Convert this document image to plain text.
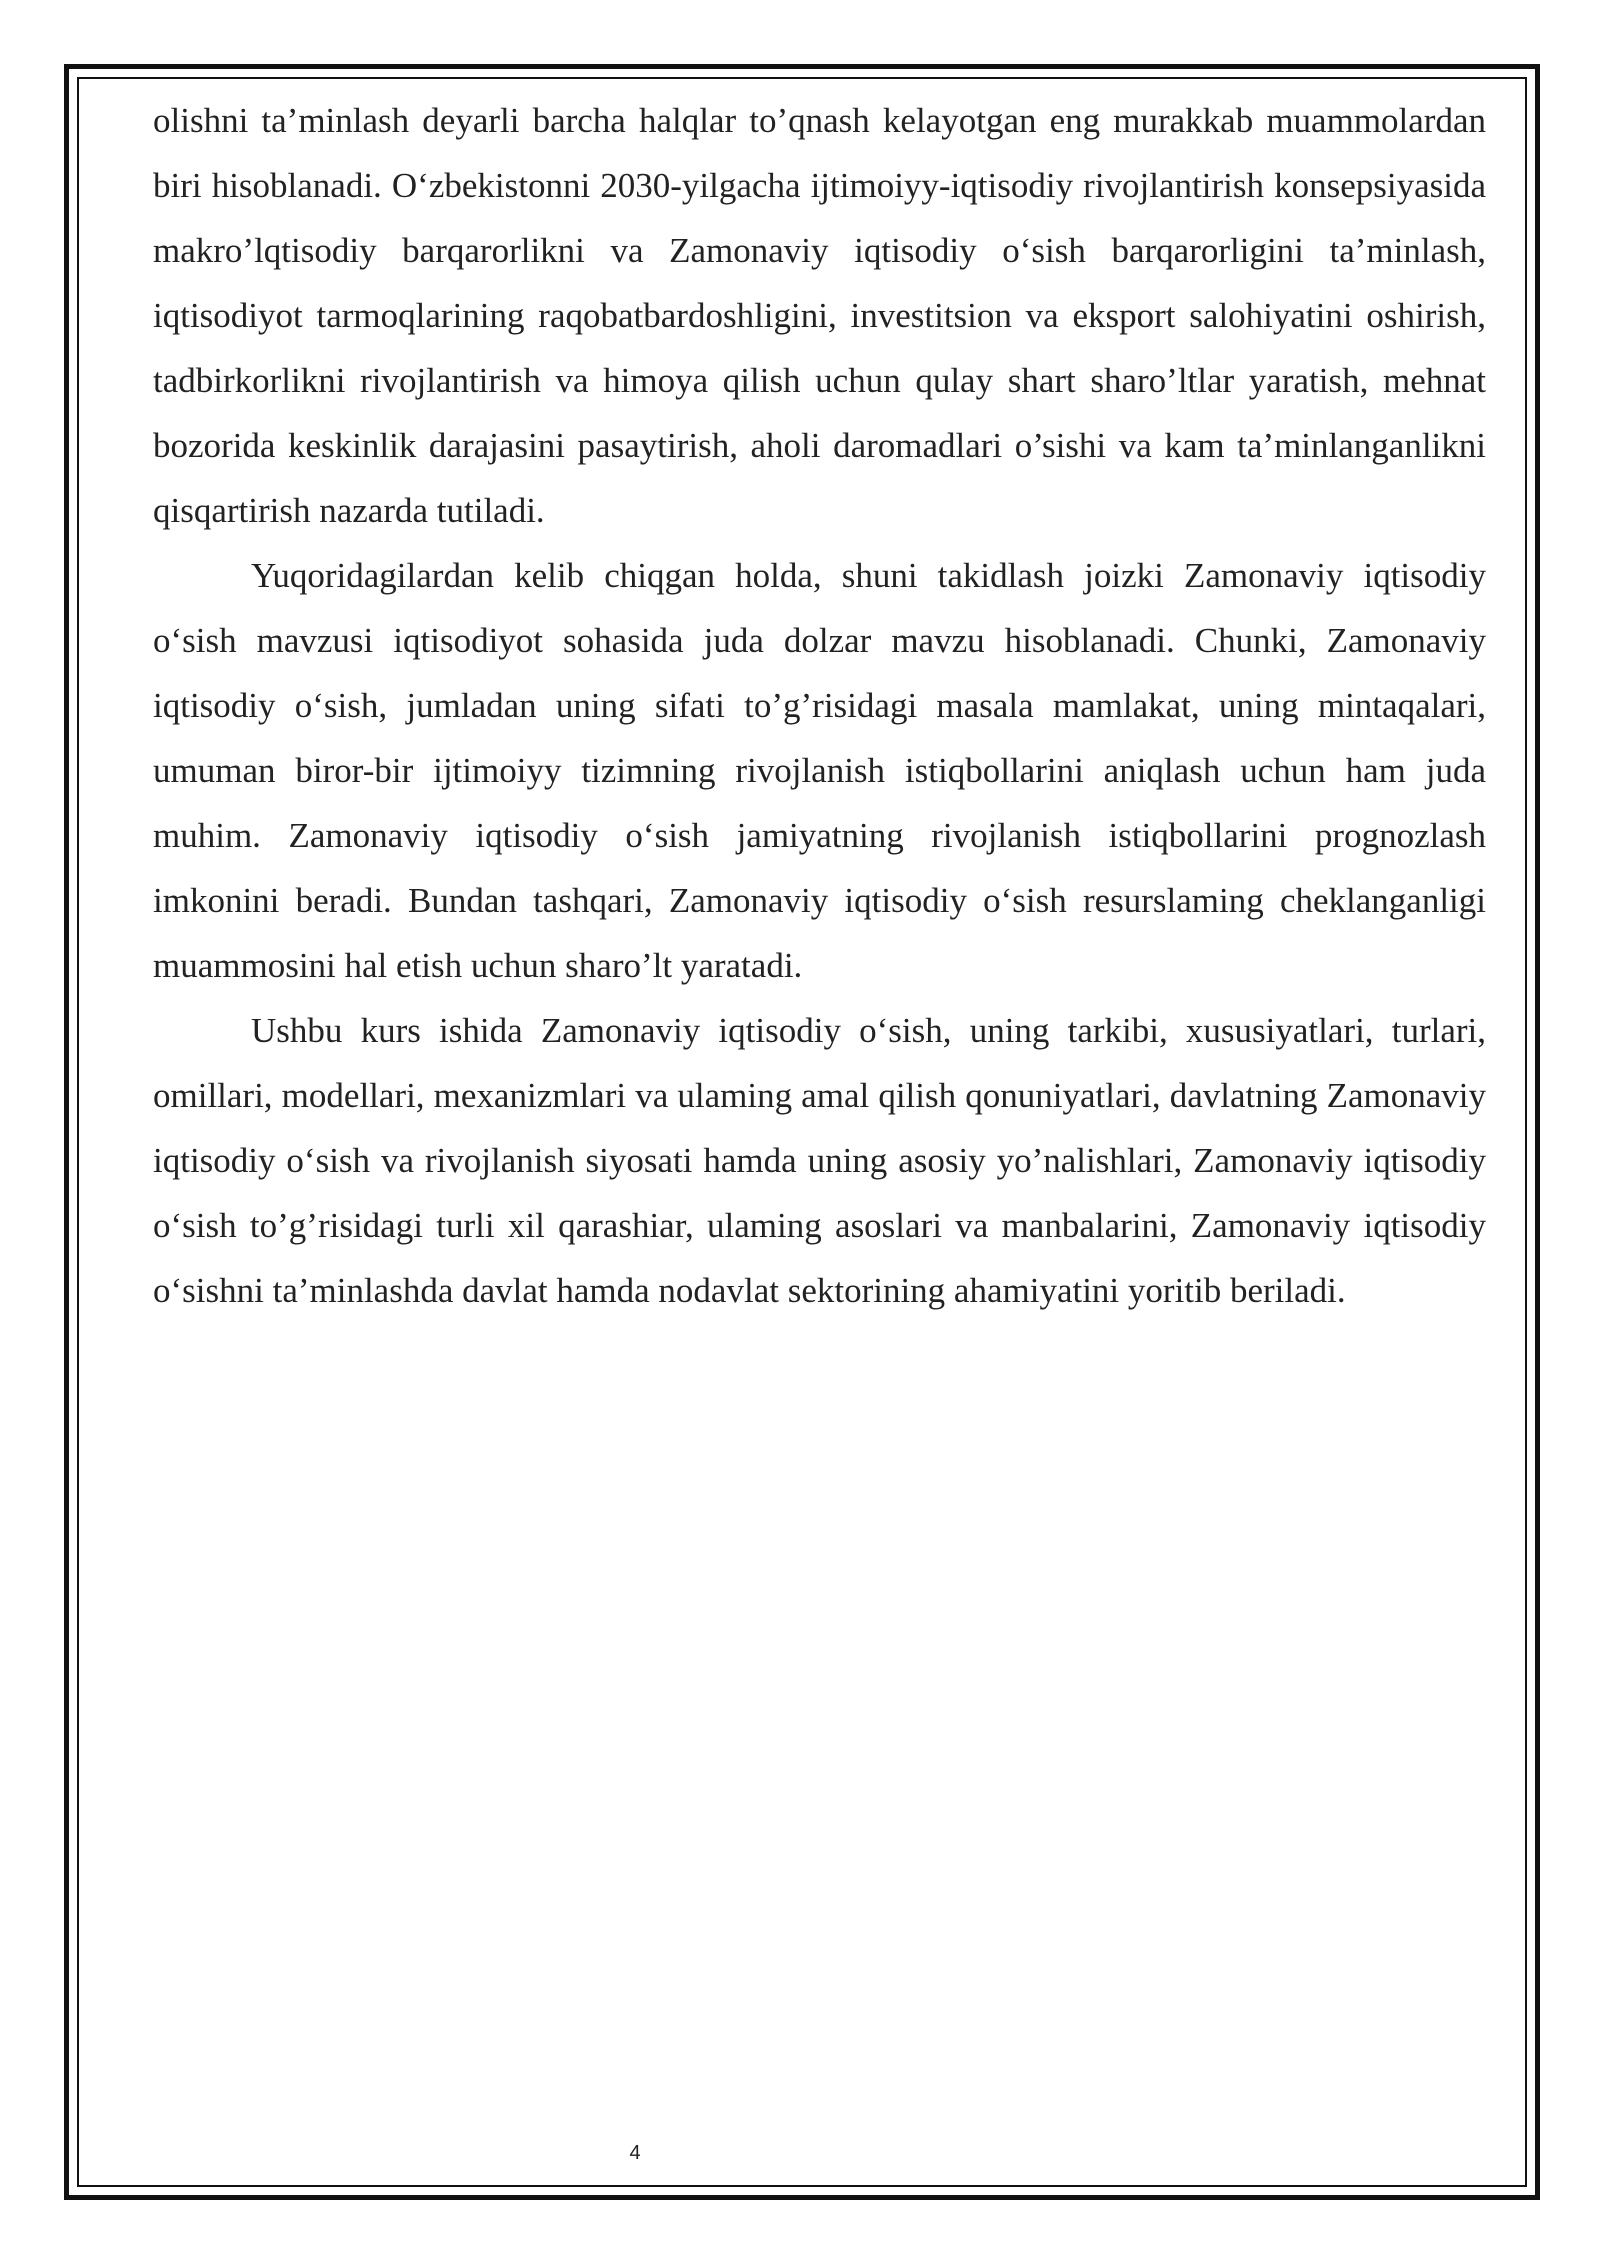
olishni ta’minlash deyarli barcha halqlar to’qnash kelayotgan eng murakkab muammolardan biri hisoblanadi. O‘zbekistonni 2030-yilgacha ijtimoiyy-iqtisodiy rivojlantirish konsepsiyasida makro’lqtisodiy barqarorlikni va Zamonaviy iqtisodiy o‘sish barqarorligini ta’minlash, iqtisodiyot tarmoqlarining raqobatbardoshligini, investitsion va eksport salohiyatini oshirish, tadbirkorlikni rivojlantirish va himoya qilish uchun qulay shart sharo’ltlar yaratish, mehnat bozorida keskinlik darajasini pasaytirish, aholi daromadlari o’sishi va kam ta’minlanganlikni qisqartirish nazarda tutiladi.

Yuqoridagilardan kelib chiqgan holda, shuni takidlash joizki Zamonaviy iqtisodiy o‘sish mavzusi iqtisodiyot sohasida juda dolzar mavzu hisoblanadi. Chunki, Zamonaviy iqtisodiy o‘sish, jumladan uning sifati to’g’risidagi masala mamlakat, uning mintaqalari, umuman biror-bir ijtimoiyy tizimning rivojlanish istiqbollarini aniqlash uchun ham juda muhim. Zamonaviy iqtisodiy o‘sish jamiyatning rivojlanish istiqbollarini prognozlash imkonini beradi. Bundan tashqari, Zamonaviy iqtisodiy o‘sish resurslaming cheklanganligi muammosini hal etish uchun sharo’lt yaratadi.

Ushbu kurs ishida Zamonaviy iqtisodiy o‘sish, uning tarkibi, xususiyatlari, turlari, omillari, modellari, mexanizmlari va ulaming amal qilish qonuniyatlari, davlatning Zamonaviy iqtisodiy o‘sish va rivojlanish siyosati hamda uning asosiy yo’nalishlari, Zamonaviy iqtisodiy o‘sish to’g’risidagi turli xil qarashiar, ulaming asoslari va manbalarini, Zamonaviy iqtisodiy o‘sishni ta’minlashda davlat hamda nodavlat sektorining ahamiyatini yoritib beriladi.

4
